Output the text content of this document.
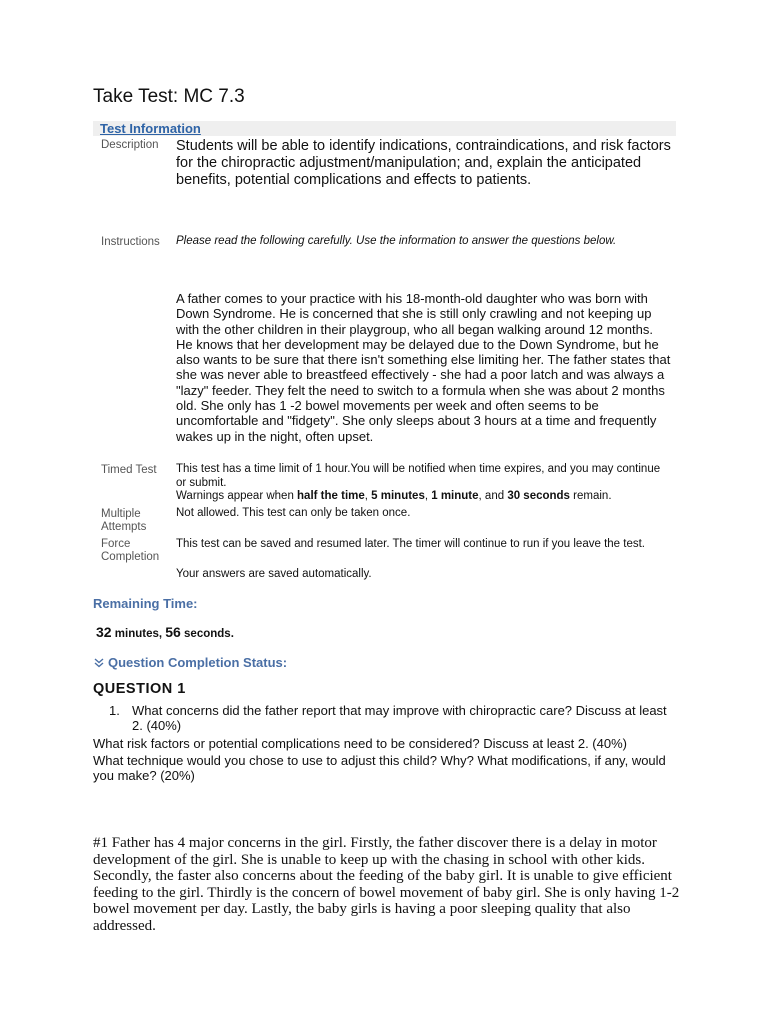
Take Test: MC 7.3
Test Information
Description Students will be able to identify indications, contraindications, and risk factors for the chiropractic adjustment/manipulation; and, explain the anticipated benefits, potential complications and effects to patients.
Instructions Please read the following carefully. Use the information to answer the questions below.
A father comes to your practice with his 18-month-old daughter who was born with Down Syndrome. He is concerned that she is still only crawling and not keeping up with the other children in their playgroup, who all began walking around 12 months. He knows that her development may be delayed due to the Down Syndrome, but he also wants to be sure that there isn't something else limiting her. The father states that she was never able to breastfeed effectively - she had a poor latch and was always a "lazy" feeder. They felt the need to switch to a formula when she was about 2 months old. She only has 1 -2 bowel movements per week and often seems to be uncomfortable and "fidgety". She only sleeps about 3 hours at a time and frequently wakes up in the night, often upset.
Timed Test This test has a time limit of 1 hour.You will be notified when time expires, and you may continue or submit.
Warnings appear when half the time, 5 minutes, 1 minute, and 30 seconds remain.
Multiple
Attempts
Not allowed. This test can only be taken once.
Force
Completion
This test can be saved and resumed later. The timer will continue to run if you leave the test.
Your answers are saved automatically.
Remaining Time:
32 minutes, 56 seconds.
Question Completion Status:
QUESTION 1
1. What concerns did the father report that may improve with chiropractic care? Discuss at least 2. (40%)
What risk factors or potential complications need to be considered? Discuss at least 2. (40%)
What technique would you chose to use to adjust this child? Why? What modifications, if any, would you make? (20%)
#1 Father has 4 major concerns in the girl. Firstly, the father discover there is a delay in motor development of the girl. She is unable to keep up with the chasing in school with other kids. Secondly, the faster also concerns about the feeding of the baby girl. It is unable to give efficient feeding to the girl. Thirdly is the concern of bowel movement of baby girl. She is only having 1-2 bowel movement per day. Lastly, the baby girls is having a poor sleeping quality that also addressed.
